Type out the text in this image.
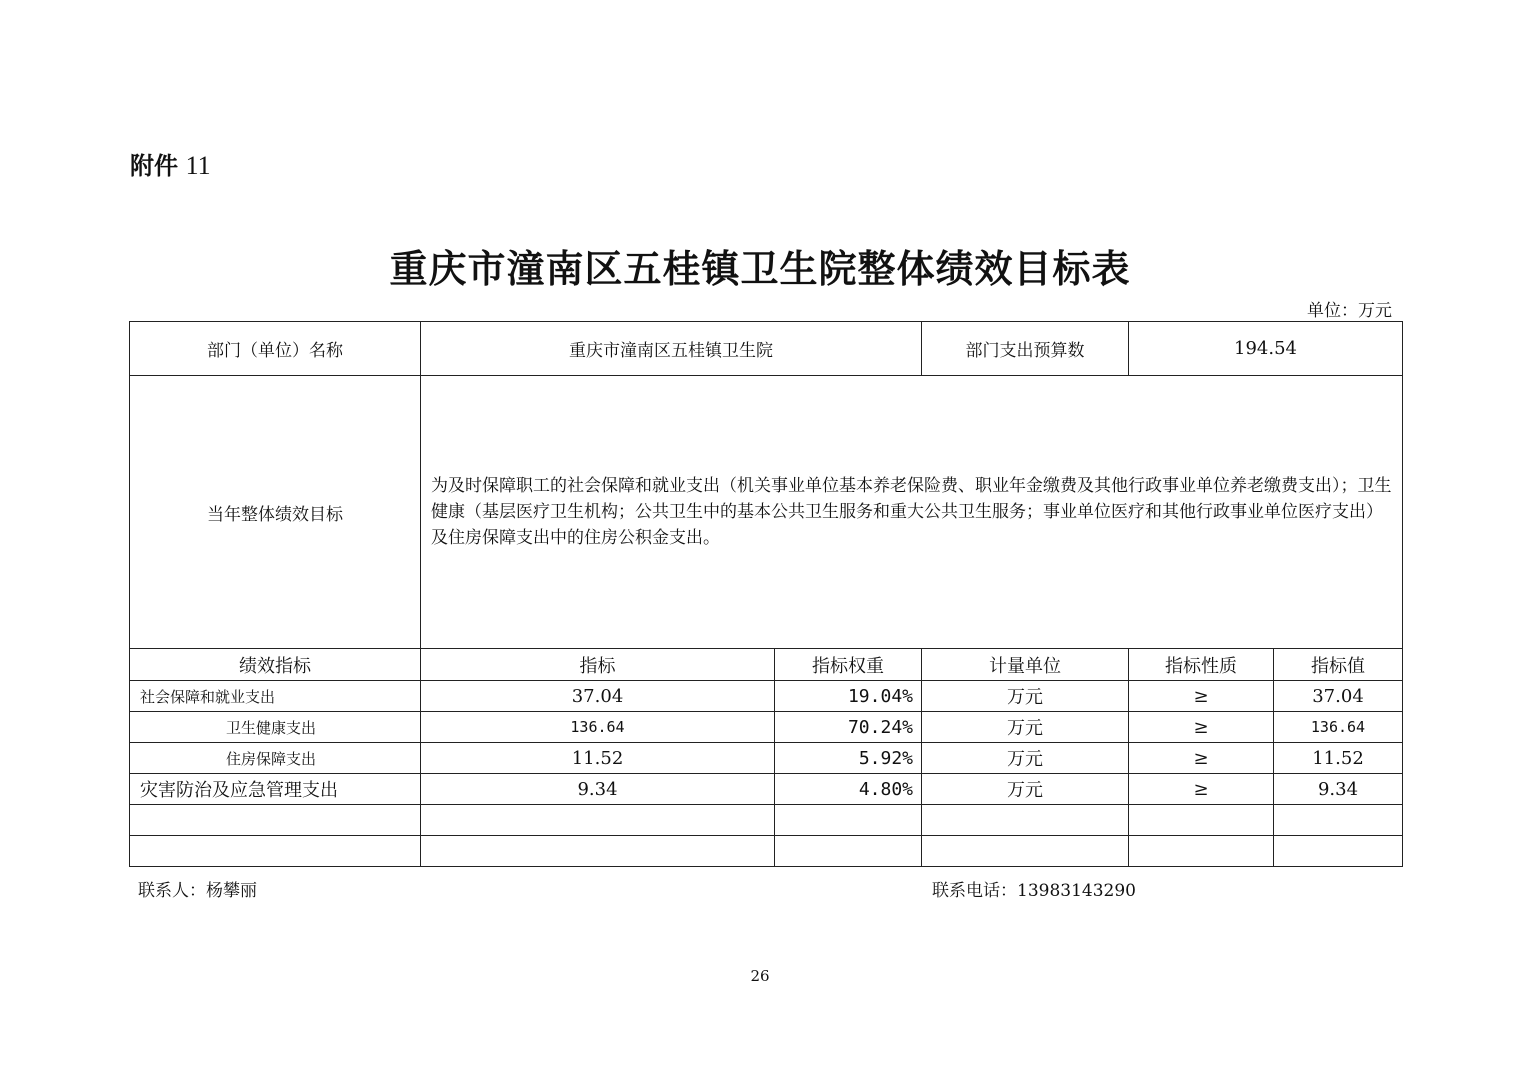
附件 11
重庆市潼南区五桂镇卫生院整体绩效目标表
单位：万元
部门（单位）名称	重庆市潼南区五桂镇卫生院		部门支出预算数	194.54	
当年整体绩效目标	为及时保障职工的社会保障和就业支出（机关事业单位基本养老保险费、职业年金缴费及其他行政事业单位养老缴费支出）；卫生健康（基层医疗卫生机构；公共卫生中的基本公共卫生服务和重大公共卫生服务；事业单位医疗和其他行政事业单位医疗支出）及住房保障支出中的住房公积金支出。				
绩效指标	指标	指标权重	计量单位	指标性质	指标值
社会保障和就业支出	37.04	19.04%	万元	≥	37.04
卫生健康支出	136.64	70.24%	万元	≥	136.64
住房保障支出	11.52	5.92%	万元	≥	11.52
灾害防治及应急管理支出	9.34	4.80%	万元	≥	9.34

联系人：杨攀丽	联系电话：13983143290
26
